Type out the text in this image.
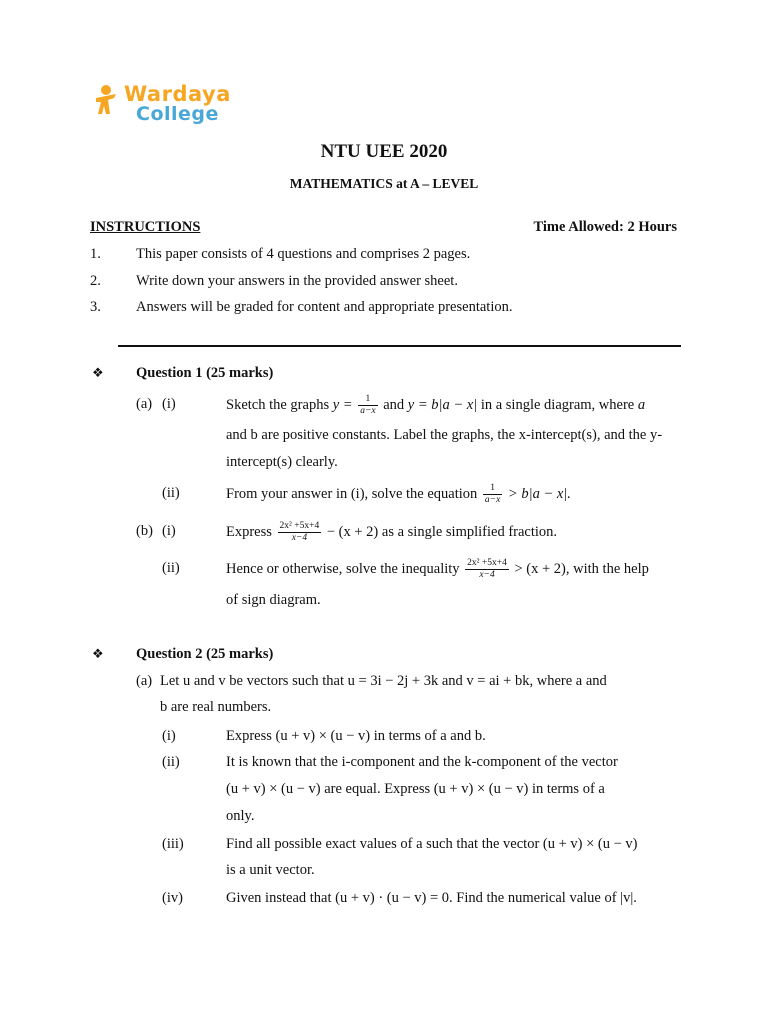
Wardaya
College
NTU UEE 2020
MATHEMATICS at A – LEVEL
INSTRUCTIONS	Time Allowed: 2 Hours
1. This paper consists of 4 questions and comprises 2 pages.
2. Write down your answers in the provided answer sheet.
3. Answers will be graded for content and appropriate presentation.
❖ Question 1 (25 marks)
(a) (i)	Sketch the graphs $y = \frac{1}{a-x}$ and y = b|a − x| in a single diagram, where a
and b are positive constants. Label the graphs, the x-intercept(s), and the y-
intercept(s) clearly.
(ii)	From your answer in (i), solve the equation $\frac{1}{a-x} > b|a - x|$.
(b) (i)	Express $\frac{\text{2x² +5x+4}}{x-4} - (x + 2)$ as a single simplified fraction.
(ii)	Hence or otherwise, solve the inequality $\frac{\text{2x² +5x+4}}{x-4} > (x + 2)$, with the help
of sign diagram.
❖ Question 2 (25 marks)
(a) Let u and v be vectors such that u = 3i − 2j + 3k and v = ai + bk, where a and
b are real numbers.
(i)	Express (u + v) × (u − v) in terms of a and b.
(ii)	It is known that the i-component and the k-component of the vector
(u + v) × (u − v) are equal. Express (u + v) × (u − v) in terms of a
only.
(iii)	Find all possible exact values of a such that the vector (u + v) × (u − v)
is a unit vector.
(iv)	Given instead that (u + v) · (u − v) = 0. Find the numerical value of |v|.
